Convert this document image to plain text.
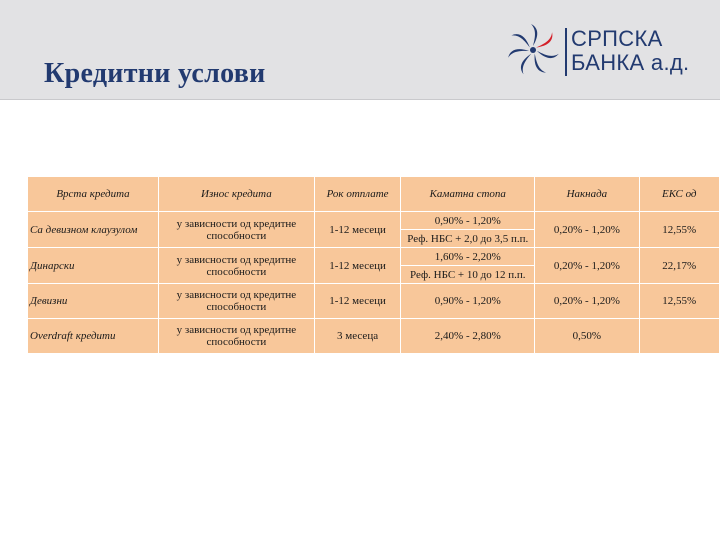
Кредитни услови
СРПСКА
БАНКА а.д.
Врста кредита	Износ кредита	Рок отплате	Каматна стопа	Накнада	ЕКС од
Са девизном клаузулом	у зависности од кредитне способности	1-12 месеци	0,90% - 1,20%	0,20% - 1,20%	12,55%
			Реф. НБС + 2,0 до 3,5 п.п.		
Динарски	у зависности од кредитне способности	1-12 месеци	1,60% - 2,20%	0,20% - 1,20%	22,17%
			Реф. НБС + 10 до 12 п.п.		
Девизни	у зависности од кредитне способности	1-12 месеци	0,90% - 1,20%	0,20% - 1,20%	12,55%
Overdraft кредити	у зависности од кредитне способности	3 месеца	2,40% - 2,80%	0,50%	
